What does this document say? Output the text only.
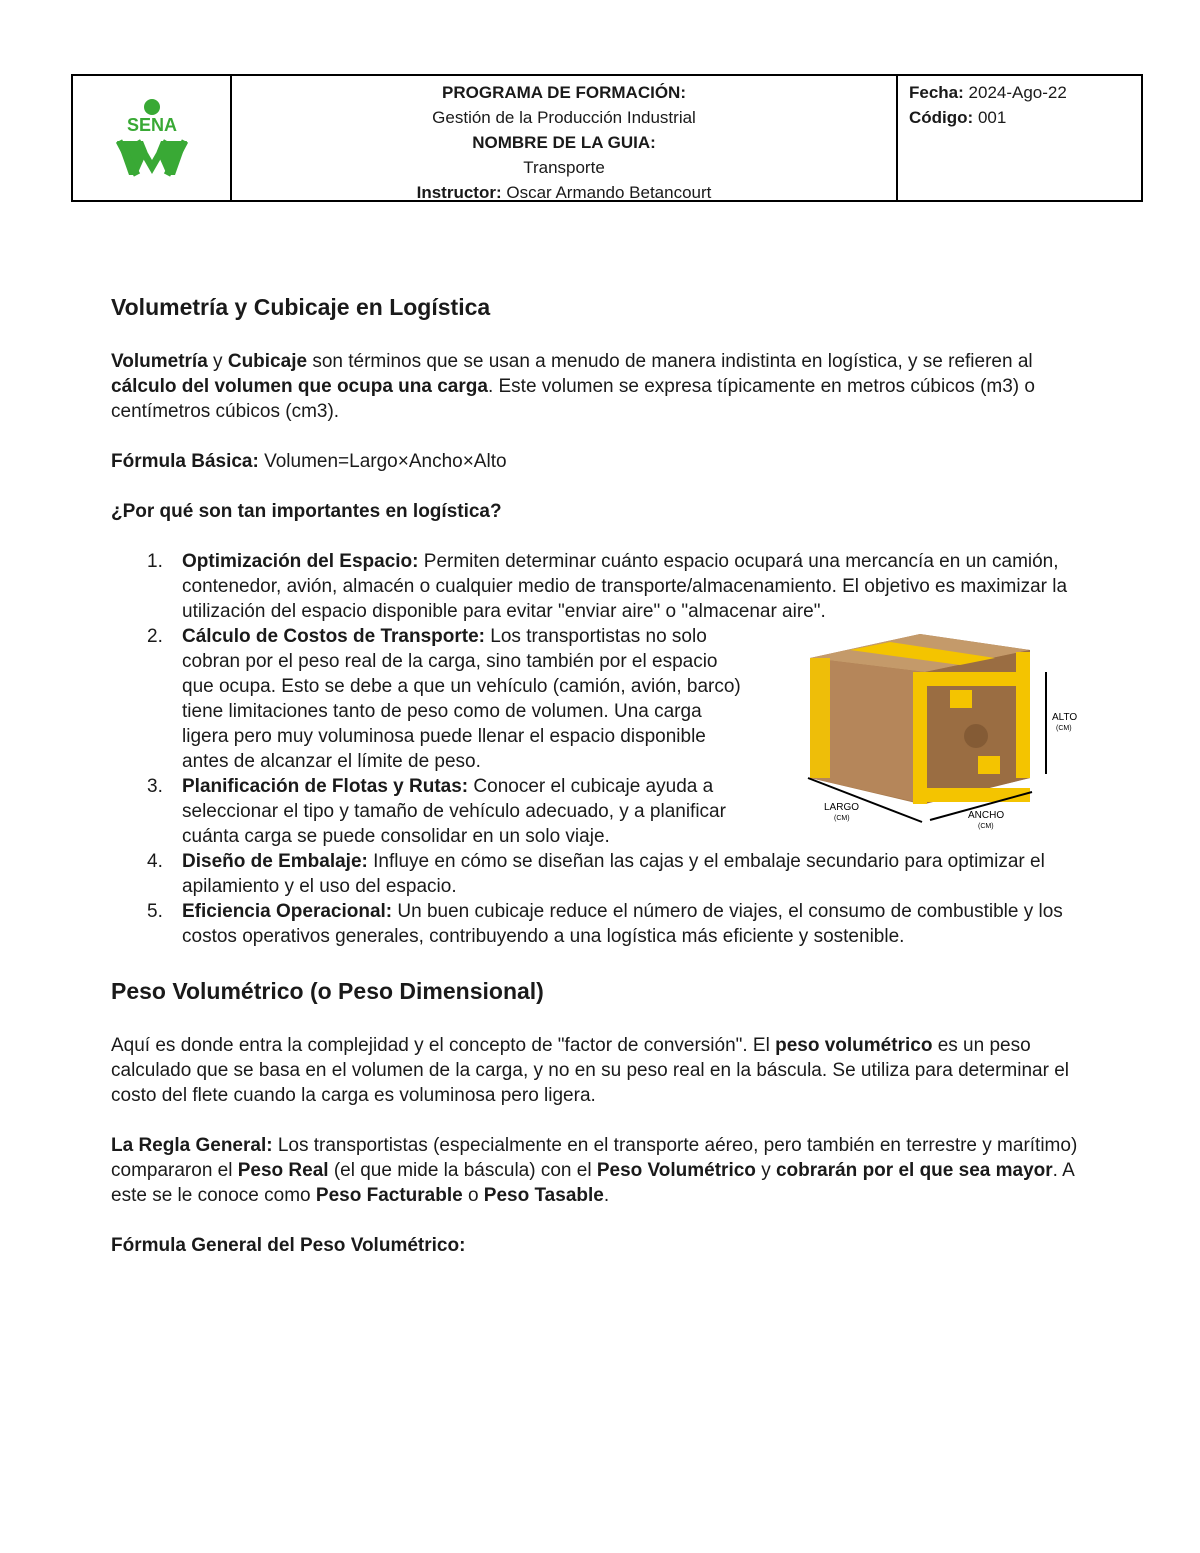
SENA
PROGRAMA DE FORMACIÓN:
Gestión de la Producción Industrial
NOMBRE DE LA GUIA:
Transporte
Instructor: Oscar Armando Betancourt
Fecha: 2024-Ago-22
Código: 001
Volumetría y Cubicaje en Logística

Volumetría y Cubicaje son términos que se usan a menudo de manera indistinta en logística, y se refieren al cálculo del volumen que ocupa una carga. Este volumen se expresa típicamente en metros cúbicos (m3) o centímetros cúbicos (cm3).

Fórmula Básica: Volumen=Largo×Ancho×Alto

¿Por qué son tan importantes en logística?

1. Optimización del Espacio: Permiten determinar cuánto espacio ocupará una mercancía en un camión, contenedor, avión, almacén o cualquier medio de transporte/almacenamiento. El objetivo es maximizar la utilización del espacio disponible para evitar "enviar aire" o "almacenar aire".
2. Cálculo de Costos de Transporte: Los transportistas no solo cobran por el peso real de la carga, sino también por el espacio que ocupa. Esto se debe a que un vehículo (camión, avión, barco) tiene limitaciones tanto de peso como de volumen. Una carga ligera pero muy voluminosa puede llenar el espacio disponible antes de alcanzar el límite de peso.
3. Planificación de Flotas y Rutas: Conocer el cubicaje ayuda a seleccionar el tipo y tamaño de vehículo adecuado, y a planificar cuánta carga se puede consolidar en un solo viaje.
4. Diseño de Embalaje: Influye en cómo se diseñan las cajas y el embalaje secundario para optimizar el apilamiento y el uso del espacio.
5. Eficiencia Operacional: Un buen cubicaje reduce el número de viajes, el consumo de combustible y los costos operativos generales, contribuyendo a una logística más eficiente y sostenible.
Peso Volumétrico (o Peso Dimensional)

Aquí es donde entra la complejidad y el concepto de "factor de conversión". El peso volumétrico es un peso calculado que se basa en el volumen de la carga, y no en su peso real en la báscula. Se utiliza para determinar el costo del flete cuando la carga es voluminosa pero ligera.

La Regla General: Los transportistas (especialmente en el transporte aéreo, pero también en terrestre y marítimo) compararon el Peso Real (el que mide la báscula) con el Peso Volumétrico y cobrarán por el que sea mayor. A este se le conoce como Peso Facturable o Peso Tasable.

Fórmula General del Peso Volumétrico:

ALTO
(CM)
LARGO
(CM)	ANCHO
(CM)
